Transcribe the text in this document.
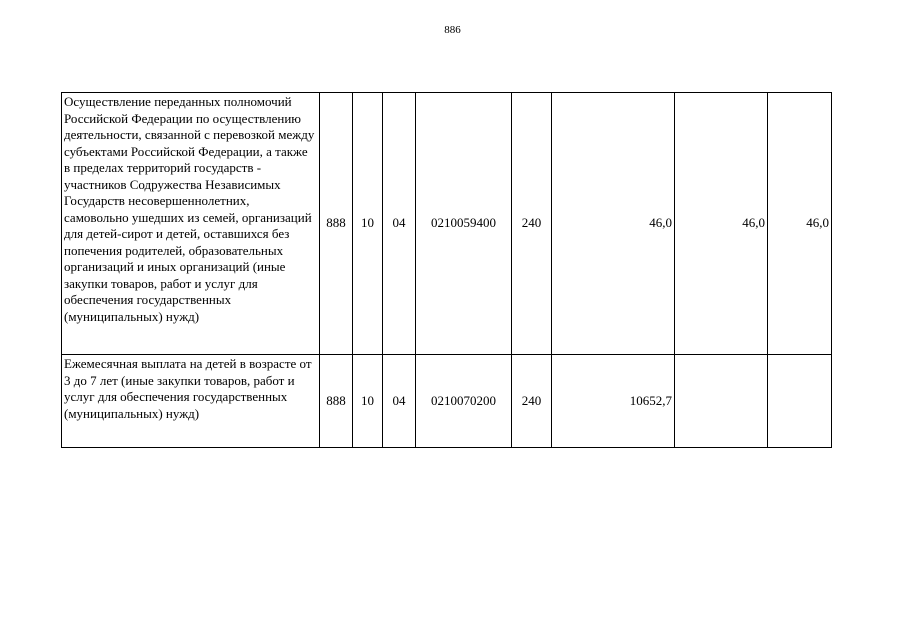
886
Осуществление переданных полномочий Российской Федерации по осуществлению деятельности, связанной с перевозкой между субъектами Российской Федерации, а также в пределах территорий государств - участников Содружества Независимых Государств несовершеннолетних, самовольно ушедших из семей, организаций для детей-сирот и детей, оставшихся без попечения родителей, образовательных организаций и иных организаций (иные закупки товаров, работ и услуг для обеспечения государственных (муниципальных) нужд)	888	10	04	0210059400	240	46,0	46,0	46,0
Ежемесячная выплата на детей в возрасте от 3 до 7 лет (иные закупки товаров, работ и услуг для обеспечения государственных (муниципальных) нужд)	888	10	04	0210070200	240	10652,7		
